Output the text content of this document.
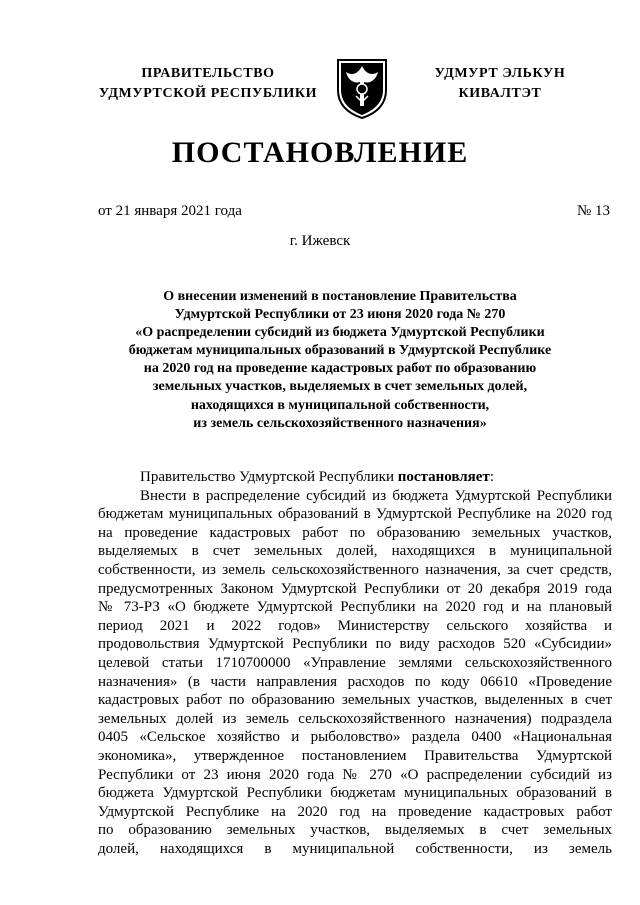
ПРАВИТЕЛЬСТВО
УДМУРТСКОЙ РЕСПУБЛИКИ
УДМУРТ ЭЛЬКУН
КИВАЛТЭТ
ПОСТАНОВЛЕНИЕ
от 21 января 2021 года	№ 13
г. Ижевск
О внесении изменений в постановление Правительства
Удмуртской Республики от 23 июня 2020 года № 270
«О распределении субсидий из бюджета Удмуртской Республики
бюджетам муниципальных образований в Удмуртской Республике
на 2020 год на проведение кадастровых работ по образованию
земельных участков, выделяемых в счет земельных долей,
находящихся в муниципальной собственности,
из земель сельскохозяйственного назначения»
Правительство Удмуртской Республики постановляет:
Внести в распределение субсидий из бюджета Удмуртской Республики
бюджетам муниципальных образований в Удмуртской Республике на 2020 год
на проведение кадастровых работ по образованию земельных участков,
выделяемых в счет земельных долей, находящихся в муниципальной
собственности, из земель сельскохозяйственного назначения, за счет средств,
предусмотренных Законом Удмуртской Республики от 20 декабря 2019 года
№ 73-РЗ «О бюджете Удмуртской Республики на 2020 год и на плановый
период 2021 и 2022 годов» Министерству сельского хозяйства и
продовольствия Удмуртской Республики по виду расходов 520 «Субсидии»
целевой статьи 1710700000 «Управление землями сельскохозяйственного
назначения» (в части направления расходов по коду 06610 «Проведение
кадастровых работ по образованию земельных участков, выделенных в счет
земельных долей из земель сельскохозяйственного назначения) подраздела
0405 «Сельское хозяйство и рыболовство» раздела 0400 «Национальная
экономика», утвержденное постановлением Правительства Удмуртской
Республики от 23 июня 2020 года № 270 «О распределении субсидий из
бюджета Удмуртской Республики бюджетам муниципальных образований в
Удмуртской Республике на 2020 год на проведение кадастровых работ
по образованию земельных участков, выделяемых в счет земельных
долей, находящихся в муниципальной собственности, из земель
